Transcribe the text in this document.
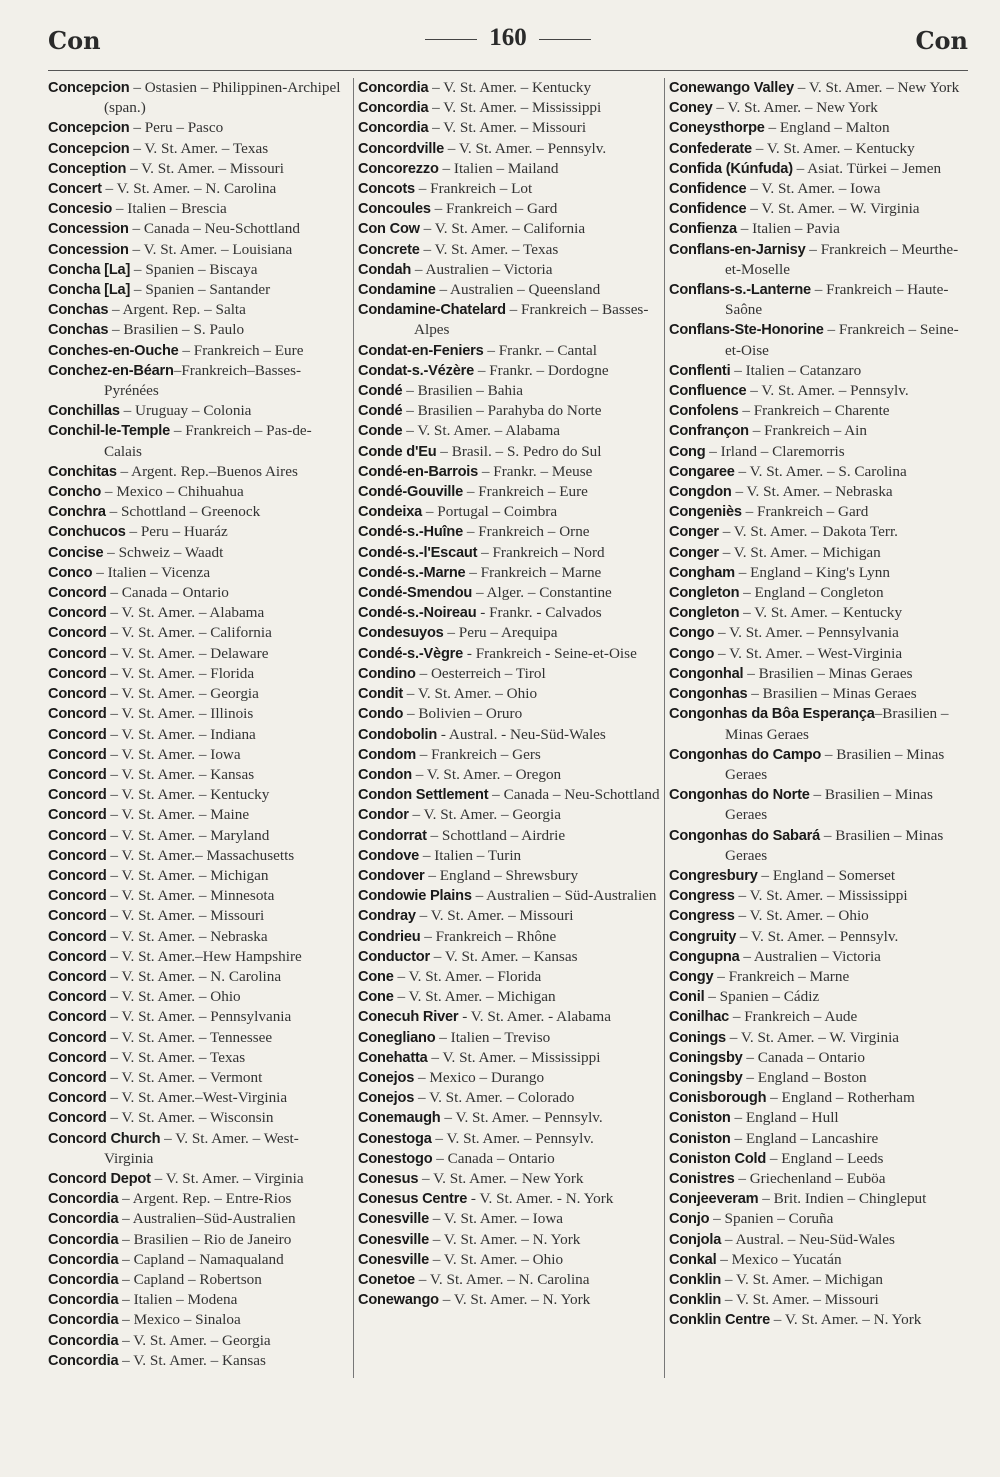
Con	160	Con
Concepcion – Ostasien – Philippinen-Archipel (span.)
Concepcion – Peru – Pasco
Concepcion – V. St. Amer. – Texas
Conception – V. St. Amer. – Missouri
Concert – V. St. Amer. – N. Carolina
Concesio – Italien – Brescia
Concession – Canada – Neu-Schottland
Concession – V. St. Amer. – Louisiana
Concha [La] – Spanien – Biscaya
Concha [La] – Spanien – Santander
Conchas – Argent. Rep. – Salta
Conchas – Brasilien – S. Paulo
Conches-en-Ouche – Frankreich – Eure
Conchez-en-Béarn–Frankreich–Basses-Pyrénées
Conchillas – Uruguay – Colonia
Conchil-le-Temple – Frankreich – Pas-de-Calais
Conchitas – Argent. Rep.–Buenos Aires
Concho – Mexico – Chihuahua
Conchra – Schottland – Greenock
Conchucos – Peru – Huaráz
Concise – Schweiz – Waadt
Conco – Italien – Vicenza
Concord – Canada – Ontario
Concord – V. St. Amer. – Alabama
Concord – V. St. Amer. – California
Concord – V. St. Amer. – Delaware
Concord – V. St. Amer. – Florida
Concord – V. St. Amer. – Georgia
Concord – V. St. Amer. – Illinois
Concord – V. St. Amer. – Indiana
Concord – V. St. Amer. – Iowa
Concord – V. St. Amer. – Kansas
Concord – V. St. Amer. – Kentucky
Concord – V. St. Amer. – Maine
Concord – V. St. Amer. – Maryland
Concord – V. St. Amer.– Massachusetts
Concord – V. St. Amer. – Michigan
Concord – V. St. Amer. – Minnesota
Concord – V. St. Amer. – Missouri
Concord – V. St. Amer. – Nebraska
Concord – V. St. Amer.–Hew Hampshire
Concord – V. St. Amer. – N. Carolina
Concord – V. St. Amer. – Ohio
Concord – V. St. Amer. – Pennsylvania
Concord – V. St. Amer. – Tennessee
Concord – V. St. Amer. – Texas
Concord – V. St. Amer. – Vermont
Concord – V. St. Amer.–West-Virginia
Concord – V. St. Amer. – Wisconsin
Concord Church – V. St. Amer. – West-Virginia
Concord Depot – V. St. Amer. – Virginia
Concordia – Argent. Rep. – Entre-Rios
Concordia – Australien–Süd-Australien
Concordia – Brasilien – Rio de Janeiro
Concordia – Capland – Namaqualand
Concordia – Capland – Robertson
Concordia – Italien – Modena
Concordia – Mexico – Sinaloa
Concordia – V. St. Amer. – Georgia
Concordia – V. St. Amer. – Kansas
Concordia – V. St. Amer. – Kentucky
Concordia – V. St. Amer. – Mississippi
Concordia – V. St. Amer. – Missouri
Concordville – V. St. Amer. – Pennsylv.
Concorezzo – Italien – Mailand
Concots – Frankreich – Lot
Concoules – Frankreich – Gard
Con Cow – V. St. Amer. – California
Concrete – V. St. Amer. – Texas
Condah – Australien – Victoria
Condamine – Australien – Queensland
Condamine-Chatelard – Frankreich – Basses-Alpes
Condat-en-Feniers – Frankr. – Cantal
Condat-s.-Vézère – Frankr. – Dordogne
Condé – Brasilien – Bahia
Condé – Brasilien – Parahyba do Norte
Conde – V. St. Amer. – Alabama
Conde d'Eu – Brasil. – S. Pedro do Sul
Condé-en-Barrois – Frankr. – Meuse
Condé-Gouville – Frankreich – Eure
Condeixa – Portugal – Coimbra
Condé-s.-Huîne – Frankreich – Orne
Condé-s.-l'Escaut – Frankreich – Nord
Condé-s.-Marne – Frankreich – Marne
Condé-Smendou – Alger. – Constantine
Condé-s.-Noireau - Frankr. - Calvados
Condesuyos – Peru – Arequipa
Condé-s.-Vègre - Frankreich - Seine-et-Oise
Condino – Oesterreich – Tirol
Condit – V. St. Amer. – Ohio
Condo – Bolivien – Oruro
Condobolin - Austral. - Neu-Süd-Wales
Condom – Frankreich – Gers
Condon – V. St. Amer. – Oregon
Condon Settlement – Canada – Neu-Schottland
Condor – V. St. Amer. – Georgia
Condorrat – Schottland – Airdrie
Condove – Italien – Turin
Condover – England – Shrewsbury
Condowie Plains – Australien – Süd-Australien
Condray – V. St. Amer. – Missouri
Condrieu – Frankreich – Rhône
Conductor – V. St. Amer. – Kansas
Cone – V. St. Amer. – Florida
Cone – V. St. Amer. – Michigan
Conecuh River - V. St. Amer. - Alabama
Conegliano – Italien – Treviso
Conehatta – V. St. Amer. – Mississippi
Conejos – Mexico – Durango
Conejos – V. St. Amer. – Colorado
Conemaugh – V. St. Amer. – Pennsylv.
Conestoga – V. St. Amer. – Pennsylv.
Conestogo – Canada – Ontario
Conesus – V. St. Amer. – New York
Conesus Centre - V. St. Amer. - N. York
Conesville – V. St. Amer. – Iowa
Conesville – V. St. Amer. – N. York
Conesville – V. St. Amer. – Ohio
Conetoe – V. St. Amer. – N. Carolina
Conewango – V. St. Amer. – N. York
Conewango Valley – V. St. Amer. – New York
Coney – V. St. Amer. – New York
Coneysthorpe – England – Malton
Confederate – V. St. Amer. – Kentucky
Confida (Kúnfuda) – Asiat. Türkei – Jemen
Confidence – V. St. Amer. – Iowa
Confidence – V. St. Amer. – W. Virginia
Confienza – Italien – Pavia
Conflans-en-Jarnisy – Frankreich – Meurthe-et-Moselle
Conflans-s.-Lanterne – Frankreich – Haute-Saône
Conflans-Ste-Honorine – Frankreich – Seine-et-Oise
Conflenti – Italien – Catanzaro
Confluence – V. St. Amer. – Pennsylv.
Confolens – Frankreich – Charente
Confrançon – Frankreich – Ain
Cong – Irland – Claremorris
Congaree – V. St. Amer. – S. Carolina
Congdon – V. St. Amer. – Nebraska
Congeniès – Frankreich – Gard
Conger – V. St. Amer. – Dakota Terr.
Conger – V. St. Amer. – Michigan
Congham – England – King's Lynn
Congleton – England – Congleton
Congleton – V. St. Amer. – Kentucky
Congo – V. St. Amer. – Pennsylvania
Congo – V. St. Amer. – West-Virginia
Congonhal – Brasilien – Minas Geraes
Congonhas – Brasilien – Minas Geraes
Congonhas da Bôa Esperança–Brasilien – Minas Geraes
Congonhas do Campo – Brasilien – Minas Geraes
Congonhas do Norte – Brasilien – Minas Geraes
Congonhas do Sabará – Brasilien – Minas Geraes
Congresbury – England – Somerset
Congress – V. St. Amer. – Mississippi
Congress – V. St. Amer. – Ohio
Congruity – V. St. Amer. – Pennsylv.
Congupna – Australien – Victoria
Congy – Frankreich – Marne
Conil – Spanien – Cádiz
Conilhac – Frankreich – Aude
Conings – V. St. Amer. – W. Virginia
Coningsby – Canada – Ontario
Coningsby – England – Boston
Conisborough – England – Rotherham
Coniston – England – Hull
Coniston – England – Lancashire
Coniston Cold – England – Leeds
Conistres – Griechenland – Euböa
Conjeeveram – Brit. Indien – Chingleput
Conjo – Spanien – Coruña
Conjola – Austral. – Neu-Süd-Wales
Conkal – Mexico – Yucatán
Conklin – V. St. Amer. – Michigan
Conklin – V. St. Amer. – Missouri
Conklin Centre – V. St. Amer. – N. York
